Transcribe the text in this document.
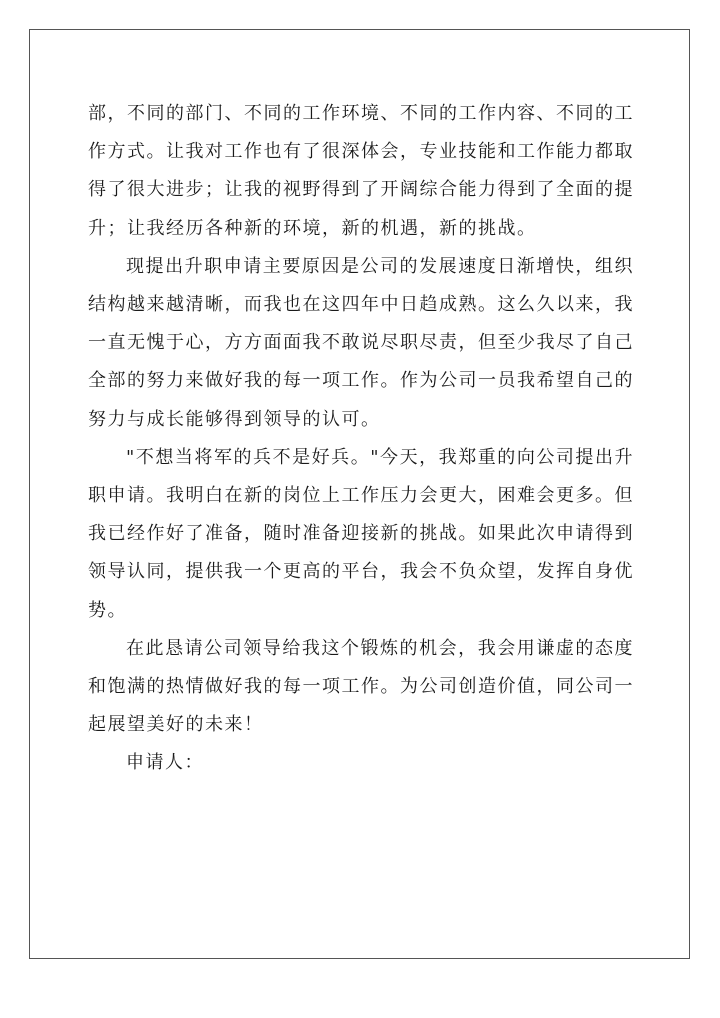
部，不同的部门、不同的工作环境、不同的工作内容、不同的工作方式。让我对工作也有了很深体会，专业技能和工作能力都取得了很大进步；让我的视野得到了开阔综合能力得到了全面的提升；让我经历各种新的环境，新的机遇，新的挑战。

现提出升职申请主要原因是公司的发展速度日渐增快，组织结构越来越清晰，而我也在这四年中日趋成熟。这么久以来，我一直无愧于心，方方面面我不敢说尽职尽责，但至少我尽了自己全部的努力来做好我的每一项工作。作为公司一员我希望自己的努力与成长能够得到领导的认可。

"不想当将军的兵不是好兵。"今天，我郑重的向公司提出升职申请。我明白在新的岗位上工作压力会更大，困难会更多。但我已经作好了准备，随时准备迎接新的挑战。如果此次申请得到领导认同，提供我一个更高的平台，我会不负众望，发挥自身优势。

在此恳请公司领导给我这个锻炼的机会，我会用谦虚的态度和饱满的热情做好我的每一项工作。为公司创造价值，同公司一起展望美好的未来！

申请人：
